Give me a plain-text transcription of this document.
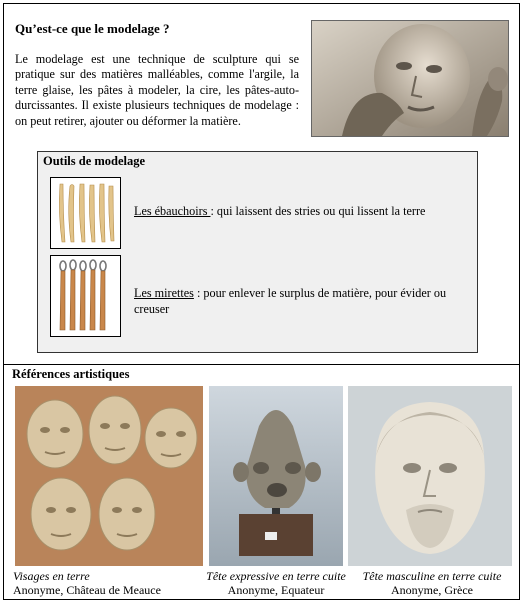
Qu’est-ce que le modelage ?
Le modelage est une technique de sculpture qui se pratique sur des matières malléables, comme l'argile, la terre glaise, les pâtes à modeler, la cire, les pâtes-auto-durcissantes. Il existe plusieurs techniques de modelage : on peut retirer, ajouter ou déformer la matière.
Outils de modelage
Les ébauchoirs : qui laissent des stries ou qui lissent la terre
Les mirettes : pour enlever le surplus de matière, pour évider ou creuser
Références artistiques
Visages en terre
Anonyme, Château de Meauce
Tête expressive en terre cuite
Anonyme, Equateur
Tête masculine en terre cuite
Anonyme, Grèce
